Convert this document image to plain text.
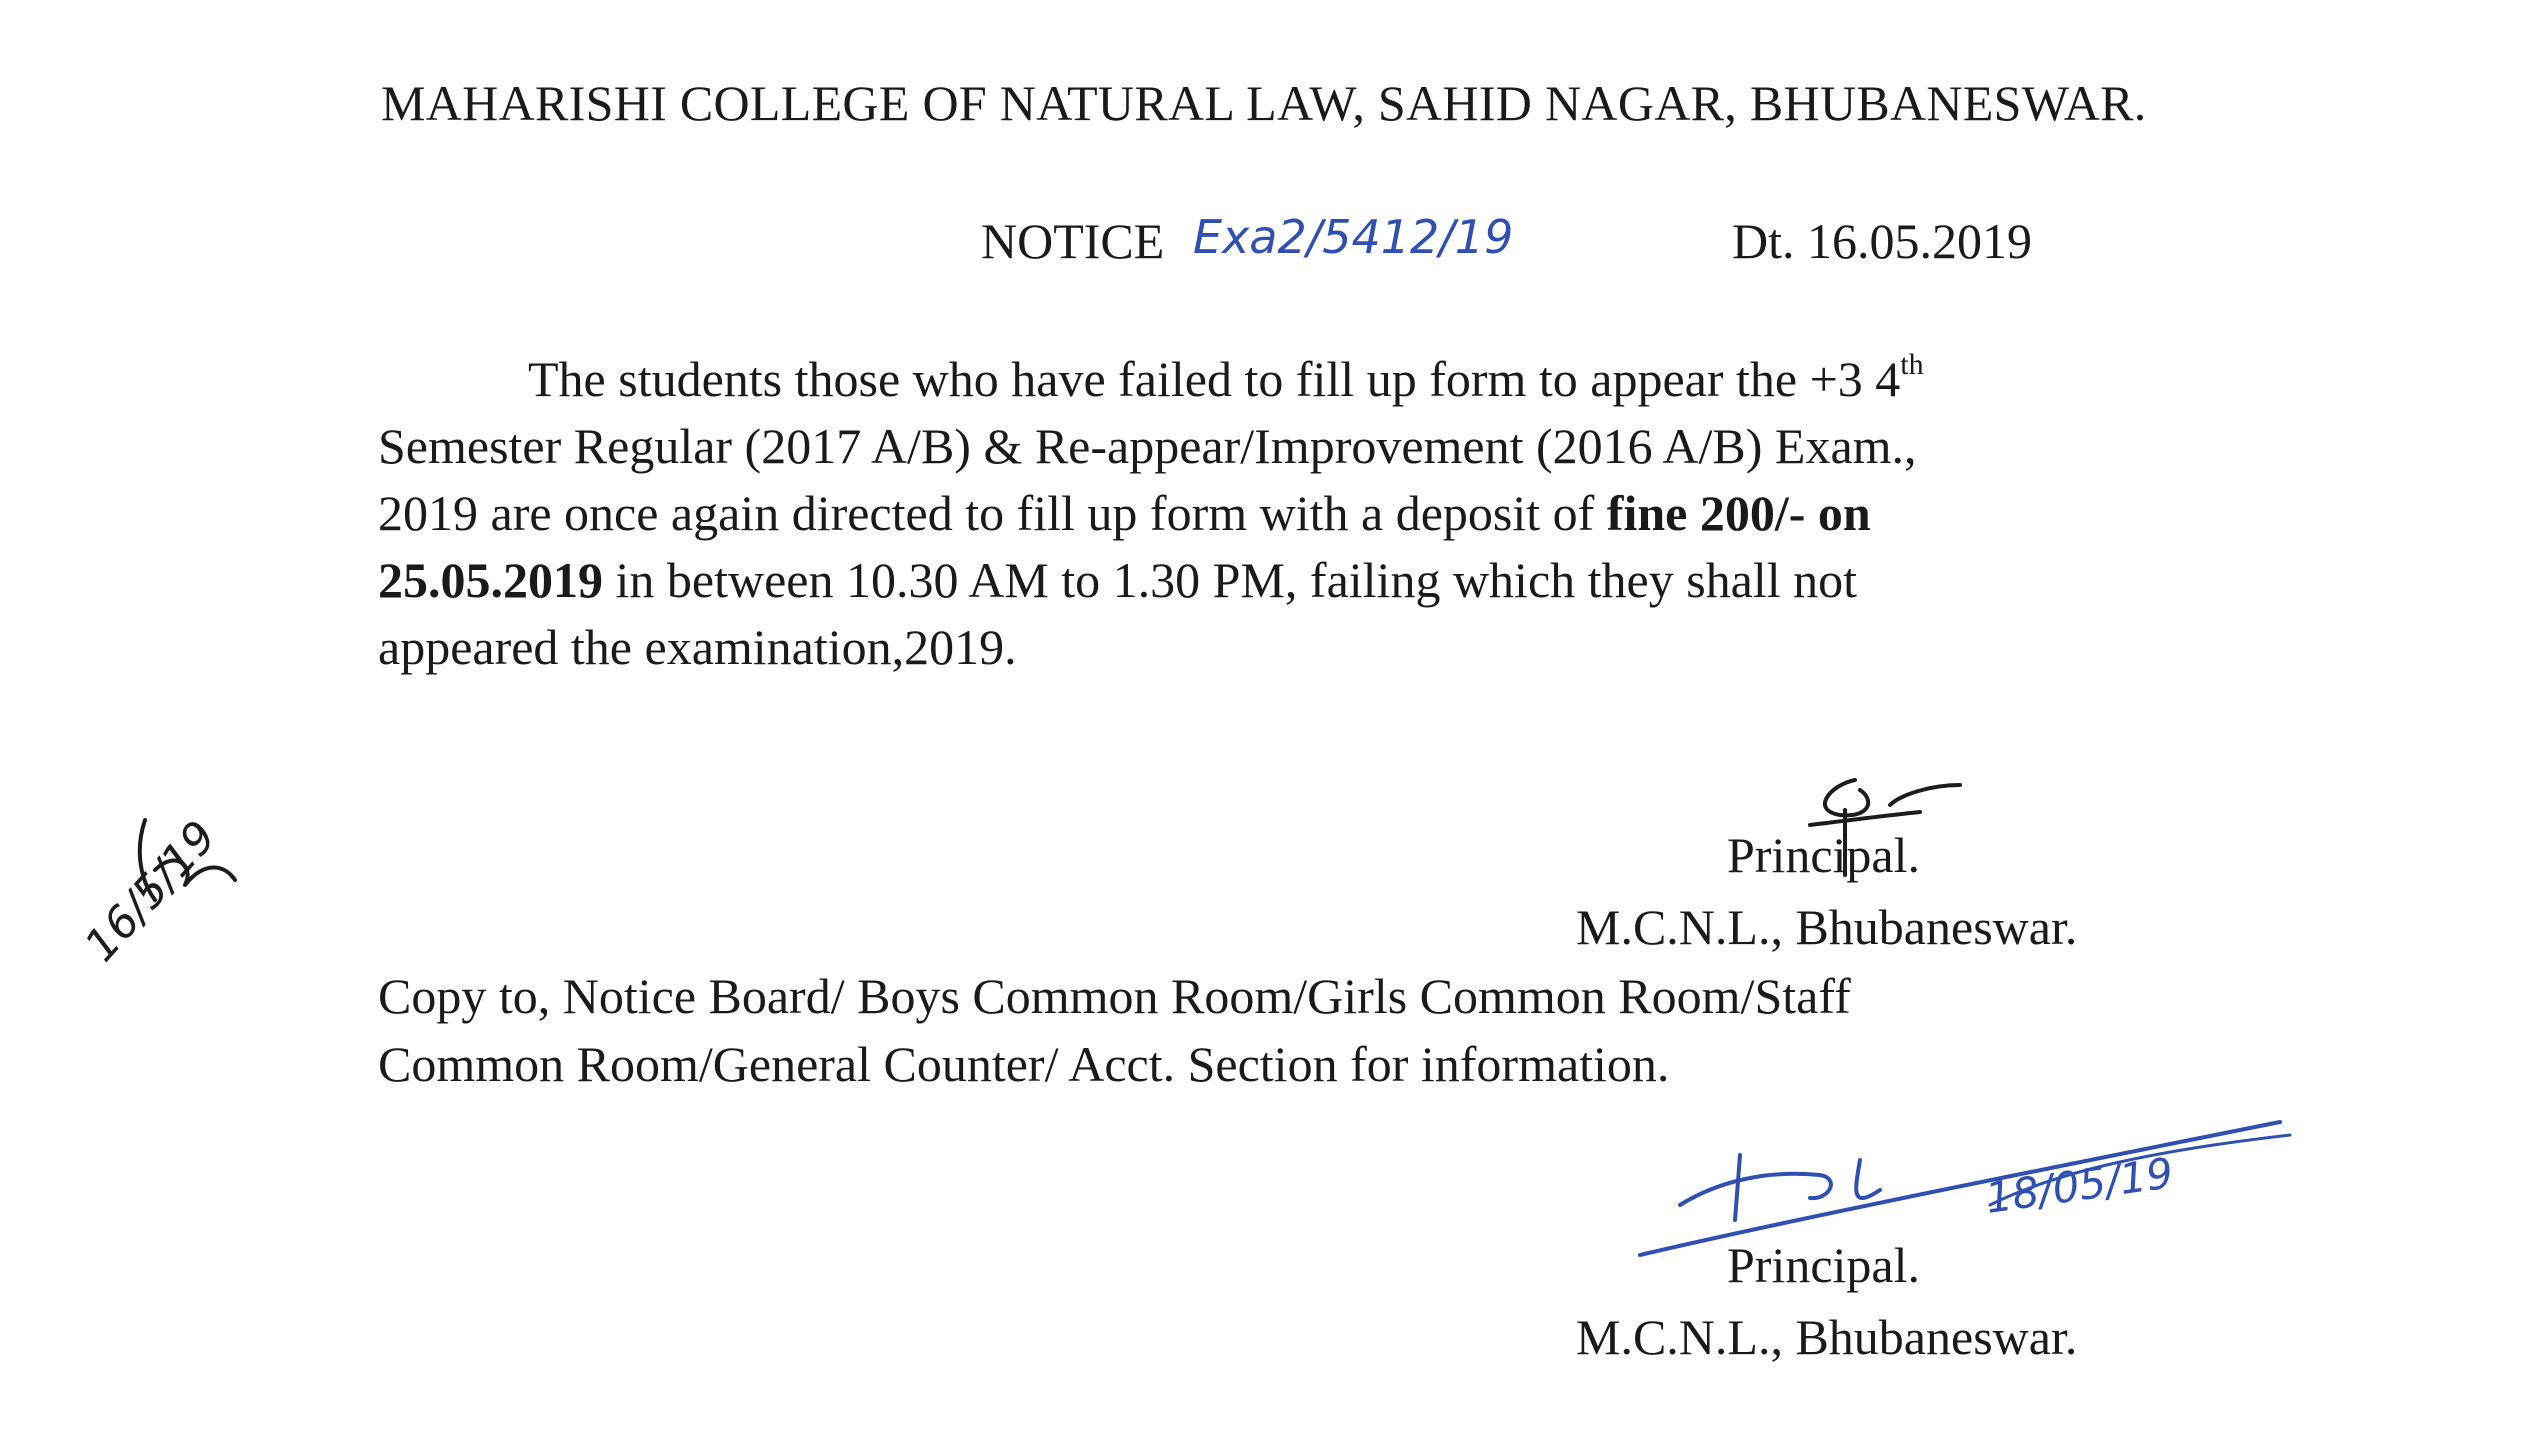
MAHARISHI COLLEGE OF NATURAL LAW, SAHID NAGAR, BHUBANESWAR.
NOTICE Exa2/5412/19	Dt. 16.05.2019
The students those who have failed to fill up form to appear the +3 4th
Semester Regular (2017 A/B) & Re-appear/Improvement (2016 A/B) Exam.,
2019 are once again directed to fill up form with a deposit of fine 200/- on
25.05.2019 in between 10.30 AM to 1.30 PM, failing which they shall not
appeared the examination,2019.
Principal.
M.C.N.L., Bhubaneswar.
Copy to, Notice Board/ Boys Common Room/Girls Common Room/Staff
Common Room/General Counter/ Acct. Section for information.
18/05/19
Principal.
M.C.N.L., Bhubaneswar.
16/5/19
